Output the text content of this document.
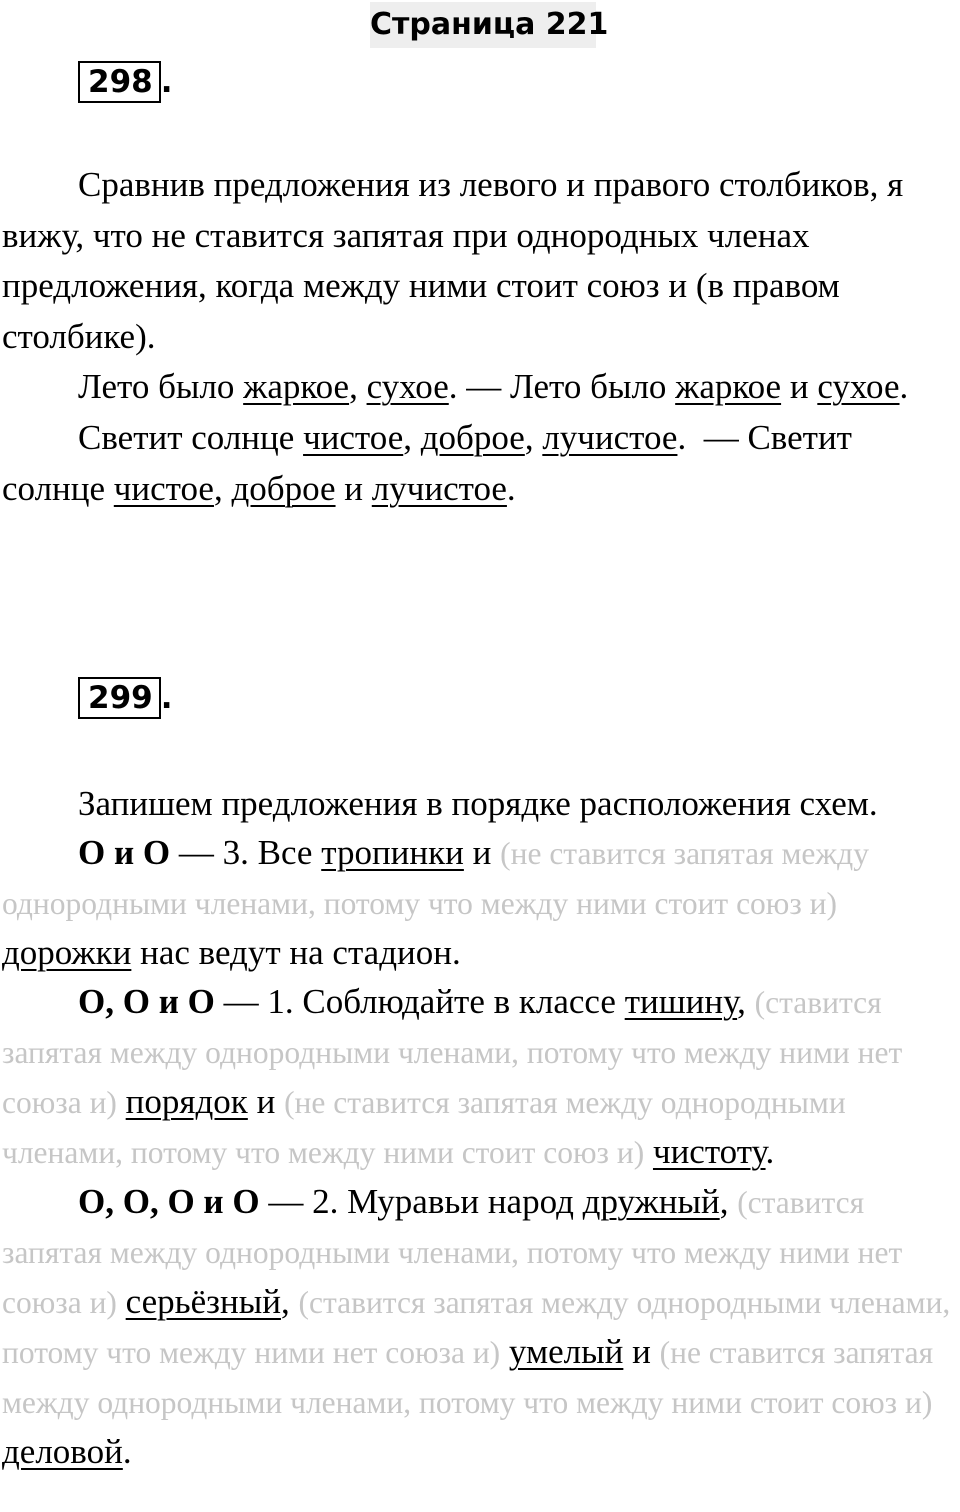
Страница 221
298 .

Сравнив предложения из левого и правого столбиков, я вижу, что не ставится запятая при однородных членах предложения, когда между ними стоит союз и (в правом столбике).

Лето было жаркое, сухое. — Лето было жаркое и сухое.

Светит солнце чистое, доброе, лучистое.  — Светит солнце чистое, доброе и лучистое.

299 .

Запишем предложения в порядке расположения схем.

О и О — 3. Все тропинки и (не ставится запятая между однородными членами, потому что между ними стоит союз и) дорожки нас ведут на стадион.

О, О и О — 1. Соблюдайте в классе тишину, (ставится запятая между однородными членами, потому что между ними нет союза и) порядок и (не ставится запятая между однородными членами, потому что между ними стоит союз и) чистоту.

О, О, О и О — 2. Муравьи народ дружный, (ставится запятая между однородными членами, потому что между ними нет союза и) серьёзный, (ставится запятая между однородными членами, потому что между ними нет союза и) умелый и (не ставится запятая между однородными членами, потому что между ними стоит союз и) деловой.
